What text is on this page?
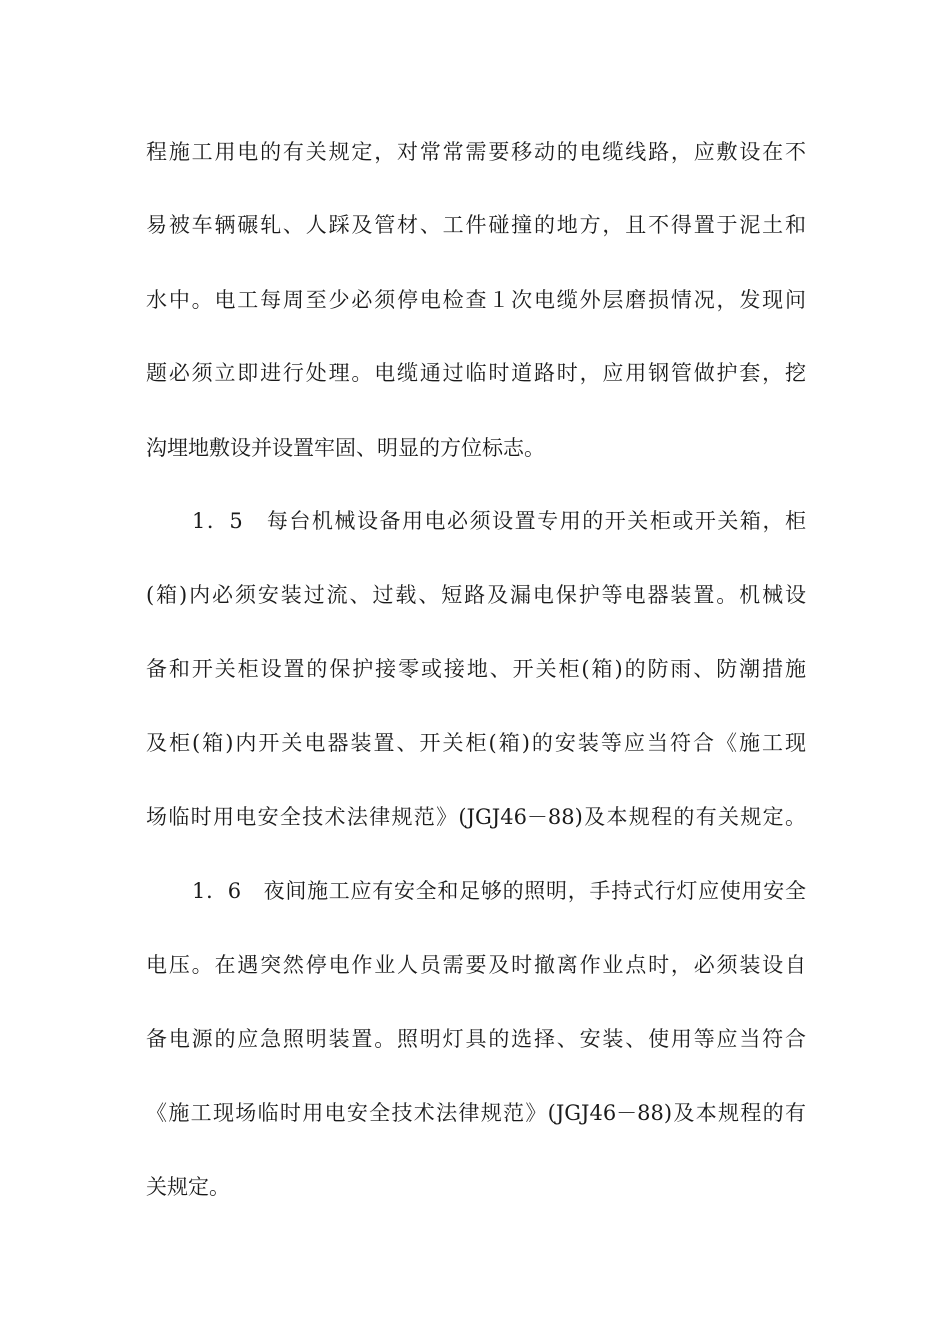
程施工用电的有关规定，对常常需要移动的电缆线路，应敷设在不
易被车辆碾轧、人踩及管材、工件碰撞的地方，且不得置于泥土和
水中。电工每周至少必须停电检查１次电缆外层磨损情况，发现问
题必须立即进行处理。电缆通过临时道路时，应用钢管做护套，挖
沟埋地敷设并设置牢固、明显的方位标志。
1．5　每台机械设备用电必须设置专用的开关柜或开关箱，柜
(箱)内必须安装过流、过载、短路及漏电保护等电器装置。机械设
备和开关柜设置的保护接零或接地、开关柜(箱)的防雨、防潮措施
及柜(箱)内开关电器装置、开关柜(箱)的安装等应当符合《施工现
场临时用电安全技术法律规范》(JGJ46－88)及本规程的有关规定。
1．6　夜间施工应有安全和足够的照明，手持式行灯应使用安全
电压。在遇突然停电作业人员需要及时撤离作业点时，必须装设自
备电源的应急照明装置。照明灯具的选择、安装、使用等应当符合
《施工现场临时用电安全技术法律规范》(JGJ46－88)及本规程的有
关规定。
